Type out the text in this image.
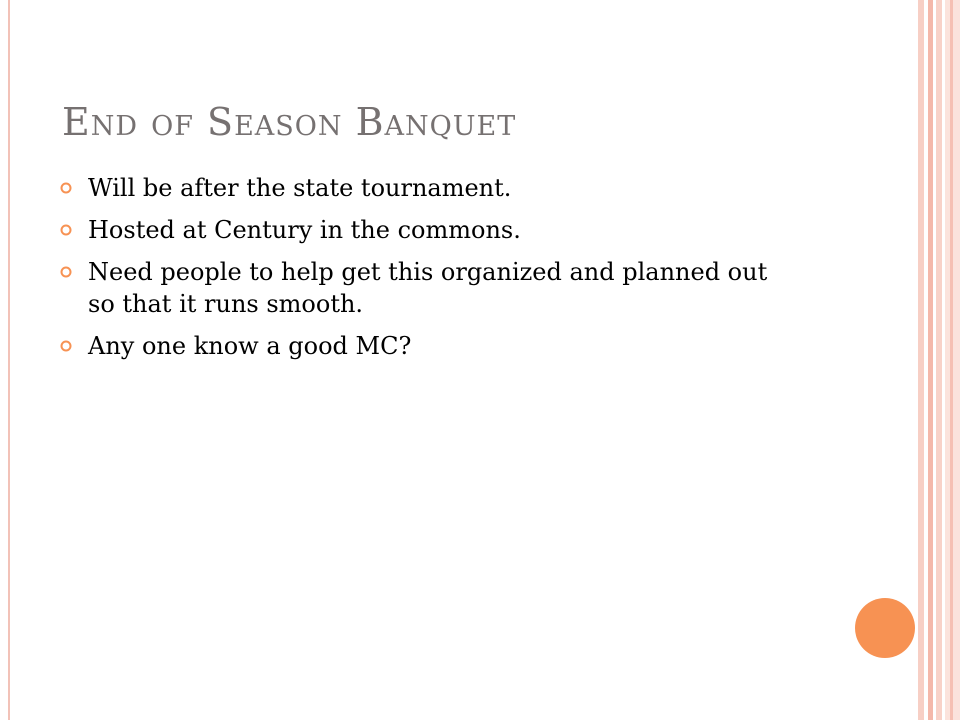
End of Season Banquet
Will be after the state tournament.
Hosted at Century in the commons.
Need people to help get this organized and planned out so that it runs smooth.
Any one know a good MC?
